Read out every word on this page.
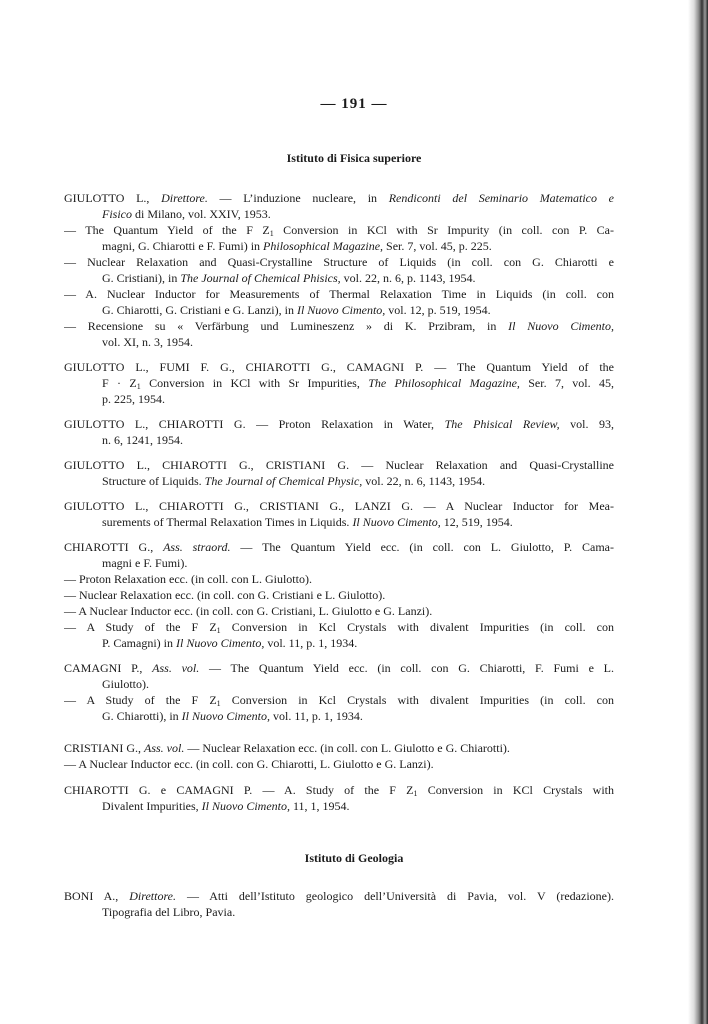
— 191 —
Istituto di Fisica superiore
GIULOTTO L., Direttore. — L’induzione nucleare, in Rendiconti del Seminario Matematico e
Fisico di Milano, vol. XXIV, 1953.
— The Quantum Yield of the F $Z_1$ Conversion in KCl with Sr Impurity (in coll. con P. Ca-
magni, G. Chiarotti e F. Fumi) in Philosophical Magazine, Ser. 7, vol. 45, p. 225.
— Nuclear Relaxation and Quasi-Crystalline Structure of Liquids (in coll. con G. Chiarotti e
G. Cristiani), in The Journal of Chemical Phisics, vol. 22, n. 6, p. 1143, 1954.
— A. Nuclear Inductor for Measurements of Thermal Relaxation Time in Liquids (in coll. con
G. Chiarotti, G. Cristiani e G. Lanzi), in Il Nuovo Cimento, vol. 12, p. 519, 1954.
— Recensione su « Verfärbung und Lumineszenz » di K. Przibram, in Il Nuovo Cimento,
vol. XI, n. 3, 1954.
GIULOTTO L., FUMI F. G., CHIAROTTI G., CAMAGNI P. — The Quantum Yield of the
$F \cdot Z_1$ Conversion in KCl with Sr Impurities, The Philosophical Magazine, Ser. 7, vol. 45,
p. 225, 1954.
GIULOTTO L., CHIAROTTI G. — Proton Relaxation in Water, The Phisical Review, vol. 93,
n. 6, 1241, 1954.
GIULOTTO L., CHIAROTTI G., CRISTIANI G. — Nuclear Relaxation and Quasi-Crystalline
Structure of Liquids. The Journal of Chemical Physic, vol. 22, n. 6, 1143, 1954.
GIULOTTO L., CHIAROTTI G., CRISTIANI G., LANZI G. — A Nuclear Inductor for Mea-
surements of Thermal Relaxation Times in Liquids. Il Nuovo Cimento, 12, 519, 1954.
CHIAROTTI G., Ass. straord. — The Quantum Yield ecc. (in coll. con L. Giulotto, P. Cama-
magni e F. Fumi).
— Proton Relaxation ecc. (in coll. con L. Giulotto).
— Nuclear Relaxation ecc. (in coll. con G. Cristiani e L. Giulotto).
— A Nuclear Inductor ecc. (in coll. con G. Cristiani, L. Giulotto e G. Lanzi).
— A Study of the F $Z_1$ Conversion in Kcl Crystals with divalent Impurities (in coll. con
P. Camagni) in Il Nuovo Cimento, vol. 11, p. 1, 1934.
CAMAGNI P., Ass. vol. — The Quantum Yield ecc. (in coll. con G. Chiarotti, F. Fumi e L.
Giulotto).
— A Study of the F $Z_1$ Conversion in Kcl Crystals with divalent Impurities (in coll. con
G. Chiarotti), in Il Nuovo Cimento, vol. 11, p. 1, 1934.
CRISTIANI G., Ass. vol. — Nuclear Relaxation ecc. (in coll. con L. Giulotto e G. Chiarotti).
— A Nuclear Inductor ecc. (in coll. con G. Chiarotti, L. Giulotto e G. Lanzi).
CHIAROTTI G. e CAMAGNI P. — A. Study of the F $Z_1$ Conversion in KCl Crystals with
Divalent Impurities, Il Nuovo Cimento, 11, 1, 1954.
Istituto di Geologia
BONI A., Direttore. — Atti dell’Istituto geologico dell’Università di Pavia, vol. V (redazione).
Tipografia del Libro, Pavia.
